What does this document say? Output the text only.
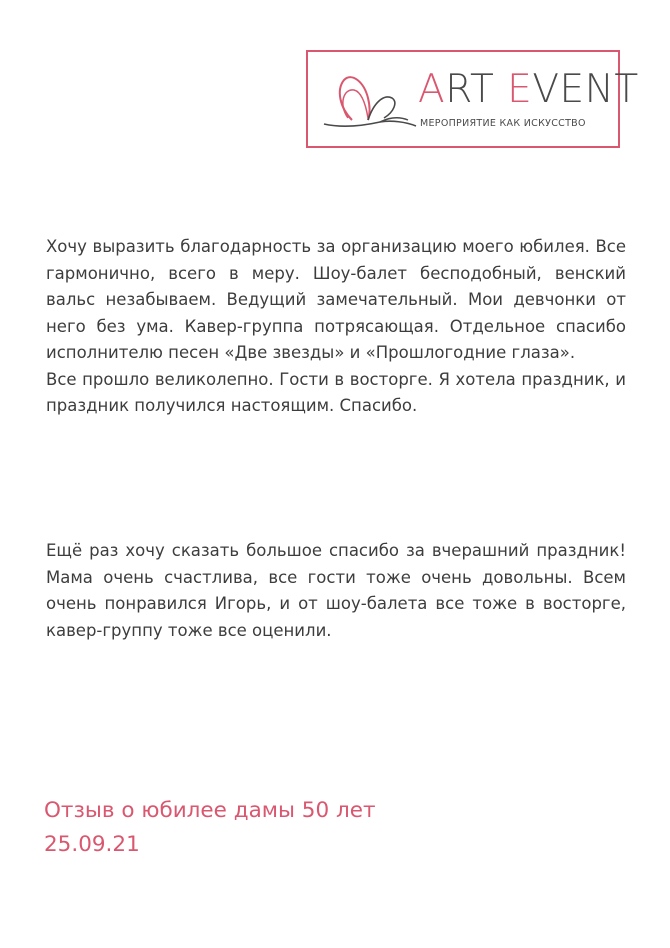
ART EVENT
МЕРОПРИЯТИЕ КАК ИСКУССТВО

Хочу выразить благодарность за организацию моего юбилея. Все гармонично, всего в меру. Шоу-балет бесподобный, венский вальс незабываем. Ведущий замечательный. Мои девчонки от него без ума. Кавер-группа потрясающая. Отдельное спасибо исполнителю песен «Две звезды» и «Прошлогодние глаза».

Все прошло великолепно. Гости в восторге. Я хотела праздник, и праздник получился настоящим. Спасибо.

Ещё раз хочу сказать большое спасибо за вчерашний праздник! Мама очень счастлива, все гости тоже очень довольны. Всем очень понравился Игорь, и от шоу-балета все тоже в восторге, кавер-группу тоже все оценили.

Отзыв о юбилее дамы 50 лет
25.09.21
